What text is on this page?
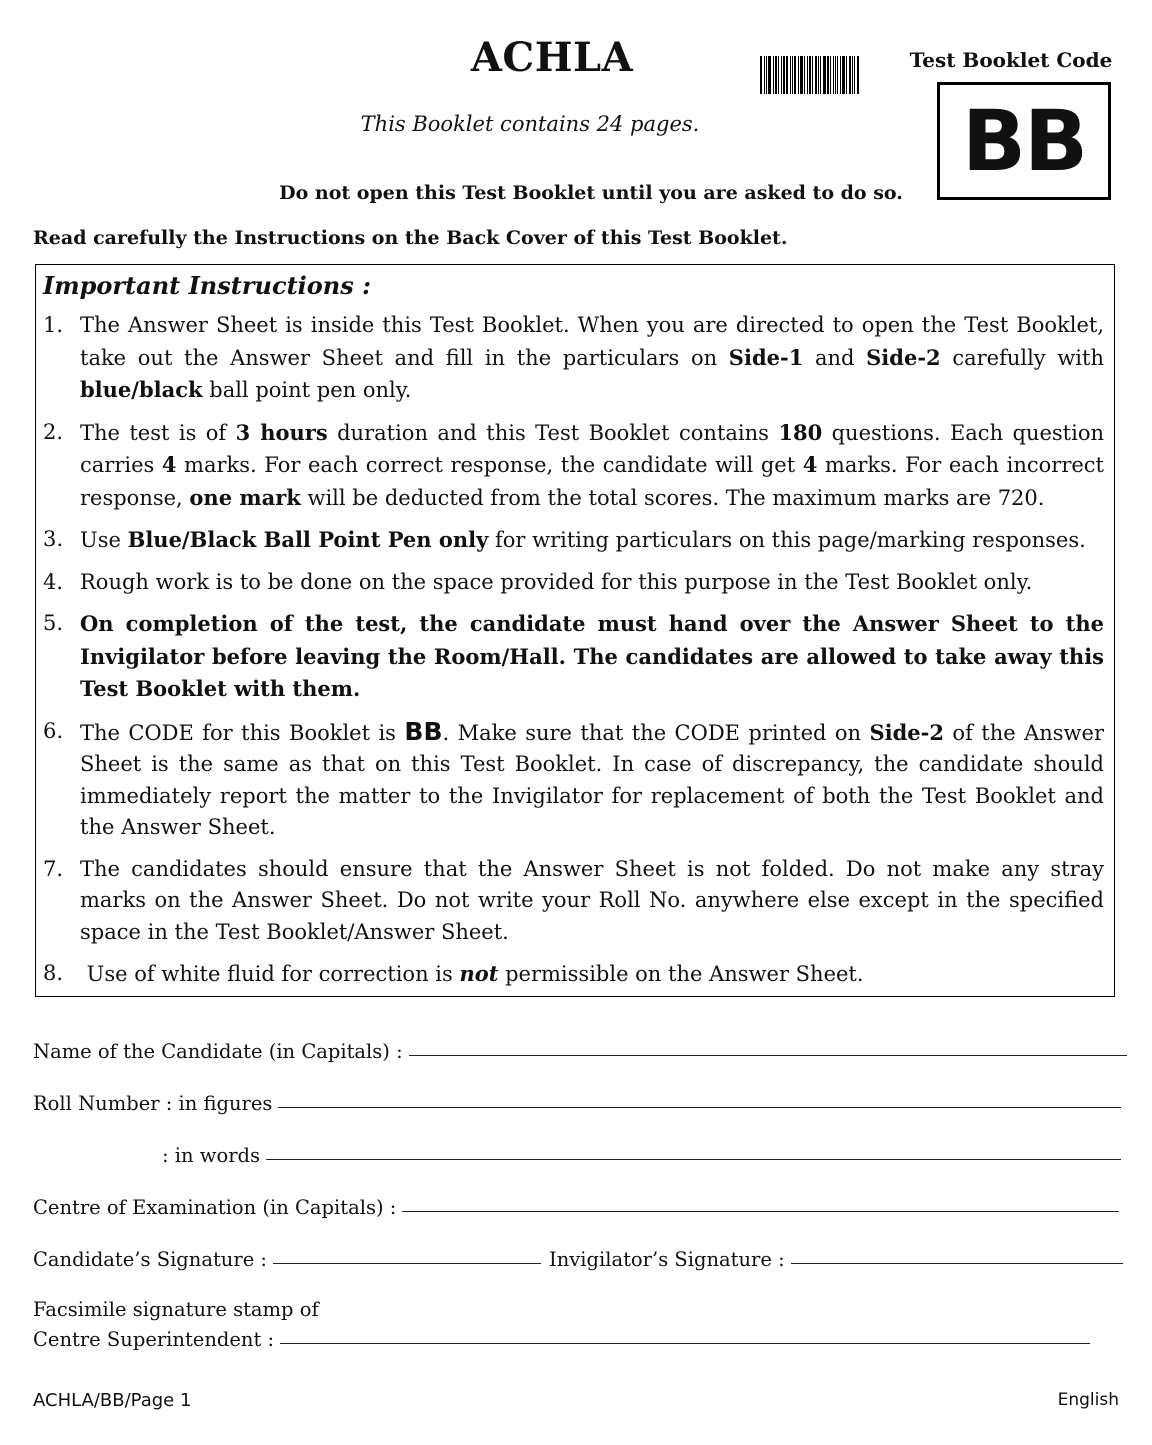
ACHLA	Test Booklet Code
BB
This Booklet contains 24 pages.
Do not open this Test Booklet until you are asked to do so.
Read carefully the Instructions on the Back Cover of this Test Booklet.
Important Instructions :
1. The Answer Sheet is inside this Test Booklet. When you are directed to open the Test Booklet, take out the Answer Sheet and fill in the particulars on Side-1 and Side-2 carefully with blue/black ball point pen only.
2. The test is of 3 hours duration and this Test Booklet contains 180 questions. Each question carries 4 marks. For each correct response, the candidate will get 4 marks. For each incorrect response, one mark will be deducted from the total scores. The maximum marks are 720.
3. Use Blue/Black Ball Point Pen only for writing particulars on this page/marking responses.
4. Rough work is to be done on the space provided for this purpose in the Test Booklet only.
5. On completion of the test, the candidate must hand over the Answer Sheet to the Invigilator before leaving the Room/Hall. The candidates are allowed to take away this Test Booklet with them.
6. The CODE for this Booklet is BB. Make sure that the CODE printed on Side-2 of the Answer Sheet is the same as that on this Test Booklet. In case of discrepancy, the candidate should immediately report the matter to the Invigilator for replacement of both the Test Booklet and the Answer Sheet.
7. The candidates should ensure that the Answer Sheet is not folded. Do not make any stray marks on the Answer Sheet. Do not write your Roll No. anywhere else except in the specified space in the Test Booklet/Answer Sheet.
8. Use of white fluid for correction is not permissible on the Answer Sheet.
Name of the Candidate (in Capitals) :
Roll Number : in figures
: in words
Centre of Examination (in Capitals) :
Candidate’s Signature :	Invigilator’s Signature :
Facsimile signature stamp of
Centre Superintendent :
ACHLA/BB/Page 1	English
